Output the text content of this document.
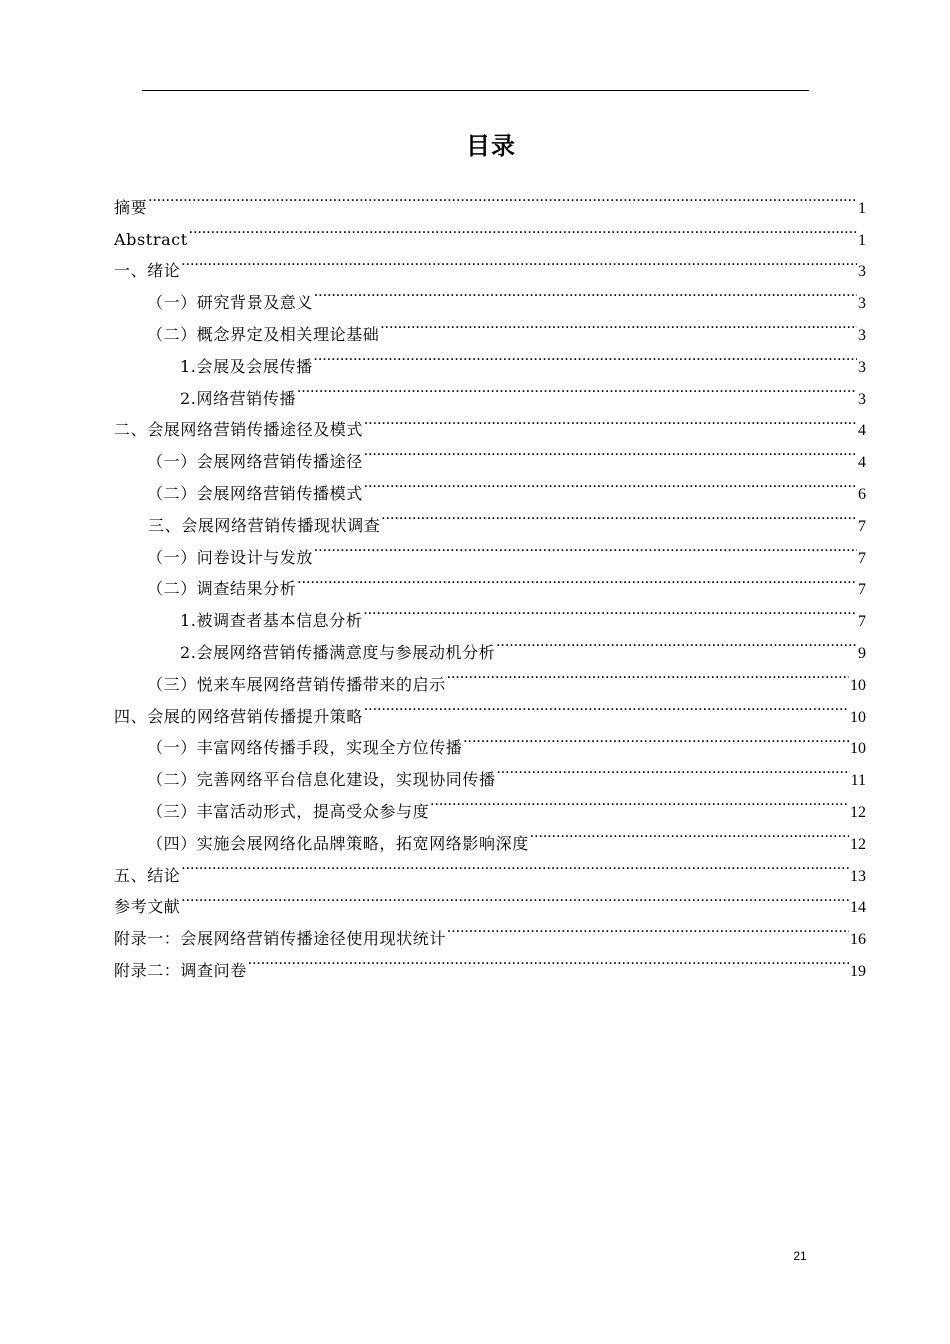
目录
摘要 .....	1
Abstract .....	1
一、绪论 .....	3
（一）研究背景及意义 .....	3
（二）概念界定及相关理论基础 .....	3
1.会展及会展传播 .....	3
2.网络营销传播 .....	3
二、会展网络营销传播途径及模式 .....	4
（一）会展网络营销传播途径 .....	4
（二）会展网络营销传播模式 .....	6
三、会展网络营销传播现状调查 .....	7
（一）问卷设计与发放 .....	7
（二）调查结果分析 .....	7
1.被调查者基本信息分析 .....	7
2.会展网络营销传播满意度与参展动机分析 .....	9
（三）悦来车展网络营销传播带来的启示 .....	10
四、会展的网络营销传播提升策略 .....	10
（一）丰富网络传播手段，实现全方位传播 .....	10
（二）完善网络平台信息化建设，实现协同传播 .....	11
（三）丰富活动形式，提高受众参与度 .....	12
（四）实施会展网络化品牌策略，拓宽网络影响深度 .....	12
五、结论 .....	13
参考文献 .....	14
附录一：会展网络营销传播途径使用现状统计 .....	16
附录二：调查问卷 .....	19
21
